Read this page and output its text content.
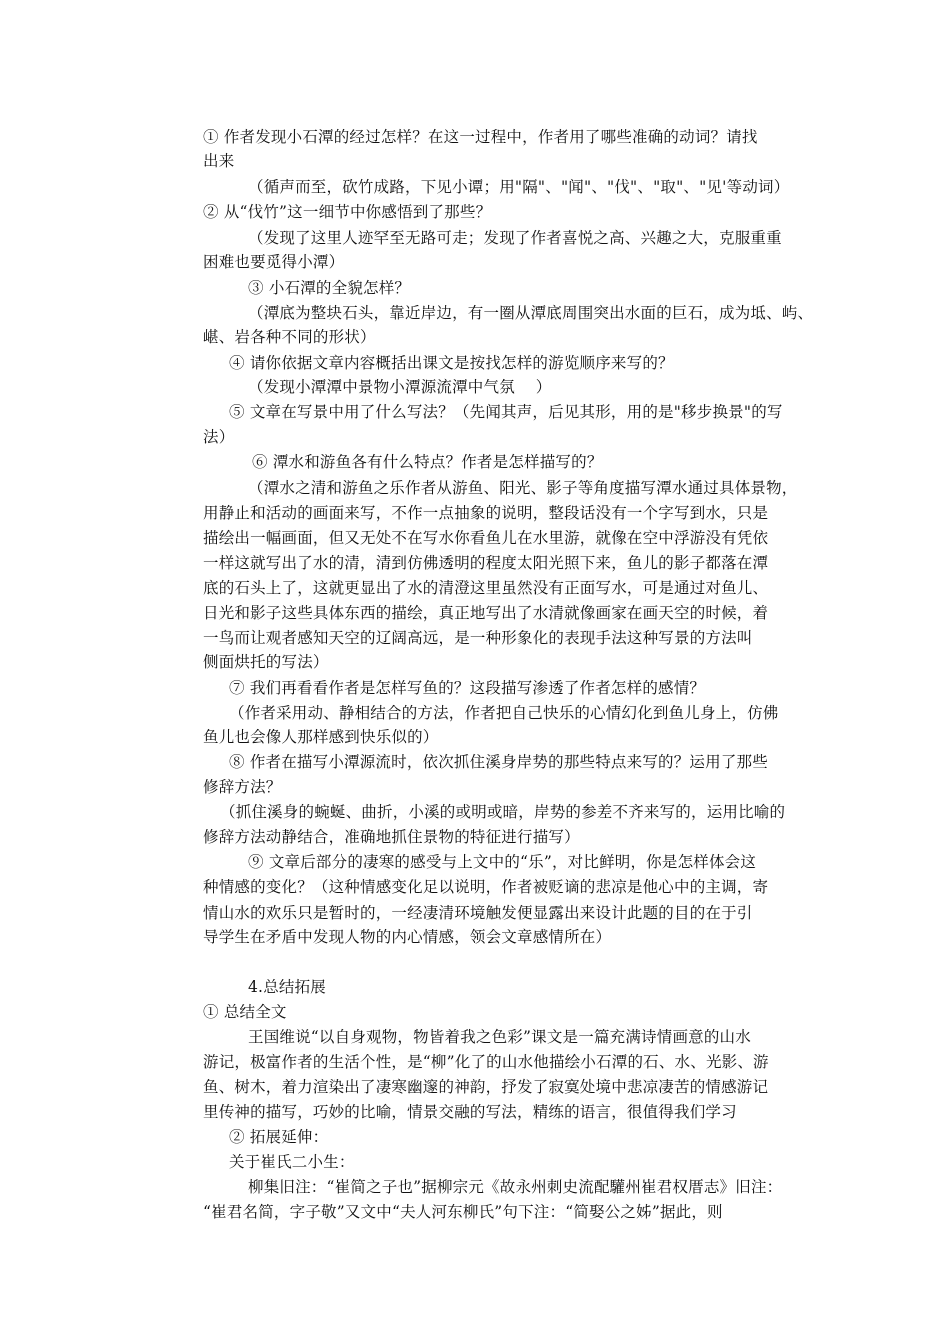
① 作者发现小石潭的经过怎样？在这一过程中，作者用了哪些准确的动词？请找
出来
（循声而至，砍竹成路，下见小谭；用"隔"、"闻"、"伐"、"取"、"见'等动词）
② 从“伐竹”这一细节中你感悟到了那些？
（发现了这里人迹罕至无路可走；发现了作者喜悦之高、兴趣之大，克服重重
困难也要觅得小潭）
③ 小石潭的全貌怎样？
（潭底为整块石头，靠近岸边，有一圈从潭底周围突出水面的巨石，成为坻、屿、
嵁、岩各种不同的形状）
④ 请你依据文章内容概括出课文是按找怎样的游览顺序来写的？
（发现小潭潭中景物小潭源流潭中气氛 　）
⑤ 文章在写景中用了什么写法？（先闻其声，后见其形，用的是"移步换景"的写
法）
⑥ 潭水和游鱼各有什么特点？作者是怎样描写的？
（潭水之清和游鱼之乐作者从游鱼、阳光、影子等角度描写潭水通过具体景物，
用静止和活动的画面来写，不作一点抽象的说明，整段话没有一个字写到水，只是
描绘出一幅画面，但又无处不在写水你看鱼儿在水里游，就像在空中浮游没有凭依
一样这就写出了水的清，清到仿佛透明的程度太阳光照下来，鱼儿的影子都落在潭
底的石头上了，这就更显出了水的清澄这里虽然没有正面写水，可是通过对鱼儿、
日光和影子这些具体东西的描绘，真正地写出了水清就像画家在画天空的时候，着
一鸟而让观者感知天空的辽阔高远，是一种形象化的表现手法这种写景的方法叫
侧面烘托的写法）
⑦ 我们再看看作者是怎样写鱼的？这段描写渗透了作者怎样的感情？
（作者采用动、静相结合的方法，作者把自己快乐的心情幻化到鱼儿身上，仿佛
鱼儿也会像人那样感到快乐似的）
⑧ 作者在描写小潭源流时，依次抓住溪身岸势的那些特点来写的？运用了那些
修辞方法？
（抓住溪身的蜿蜒、曲折，小溪的或明或暗，岸势的参差不齐来写的，运用比喻的
修辞方法动静结合，准确地抓住景物的特征进行描写）
⑨ 文章后部分的凄寒的感受与上文中的“乐”，对比鲜明，你是怎样体会这
种情感的变化？（这种情感变化足以说明，作者被贬谪的悲凉是他心中的主调，寄
情山水的欢乐只是暂时的，一经凄清环境触发便显露出来设计此题的目的在于引
导学生在矛盾中发现人物的内心情感，领会文章感情所在）
4.总结拓展
① 总结全文
王国维说“以自身观物，物皆着我之色彩”课文是一篇充满诗情画意的山水
游记，极富作者的生活个性，是“柳”化了的山水他描绘小石潭的石、水、光影、游
鱼、树木，着力渲染出了凄寒幽邃的神韵，抒发了寂寞处境中悲凉凄苦的情感游记
里传神的描写，巧妙的比喻，情景交融的写法，精练的语言，很值得我们学习
② 拓展延伸：
关于崔氏二小生：
柳集旧注：“崔简之子也”据柳宗元《故永州刺史流配驩州崔君权厝志》旧注：
“崔君名简，字子敬”又文中“夫人河东柳氏”句下注：“简娶公之姊”据此，则
